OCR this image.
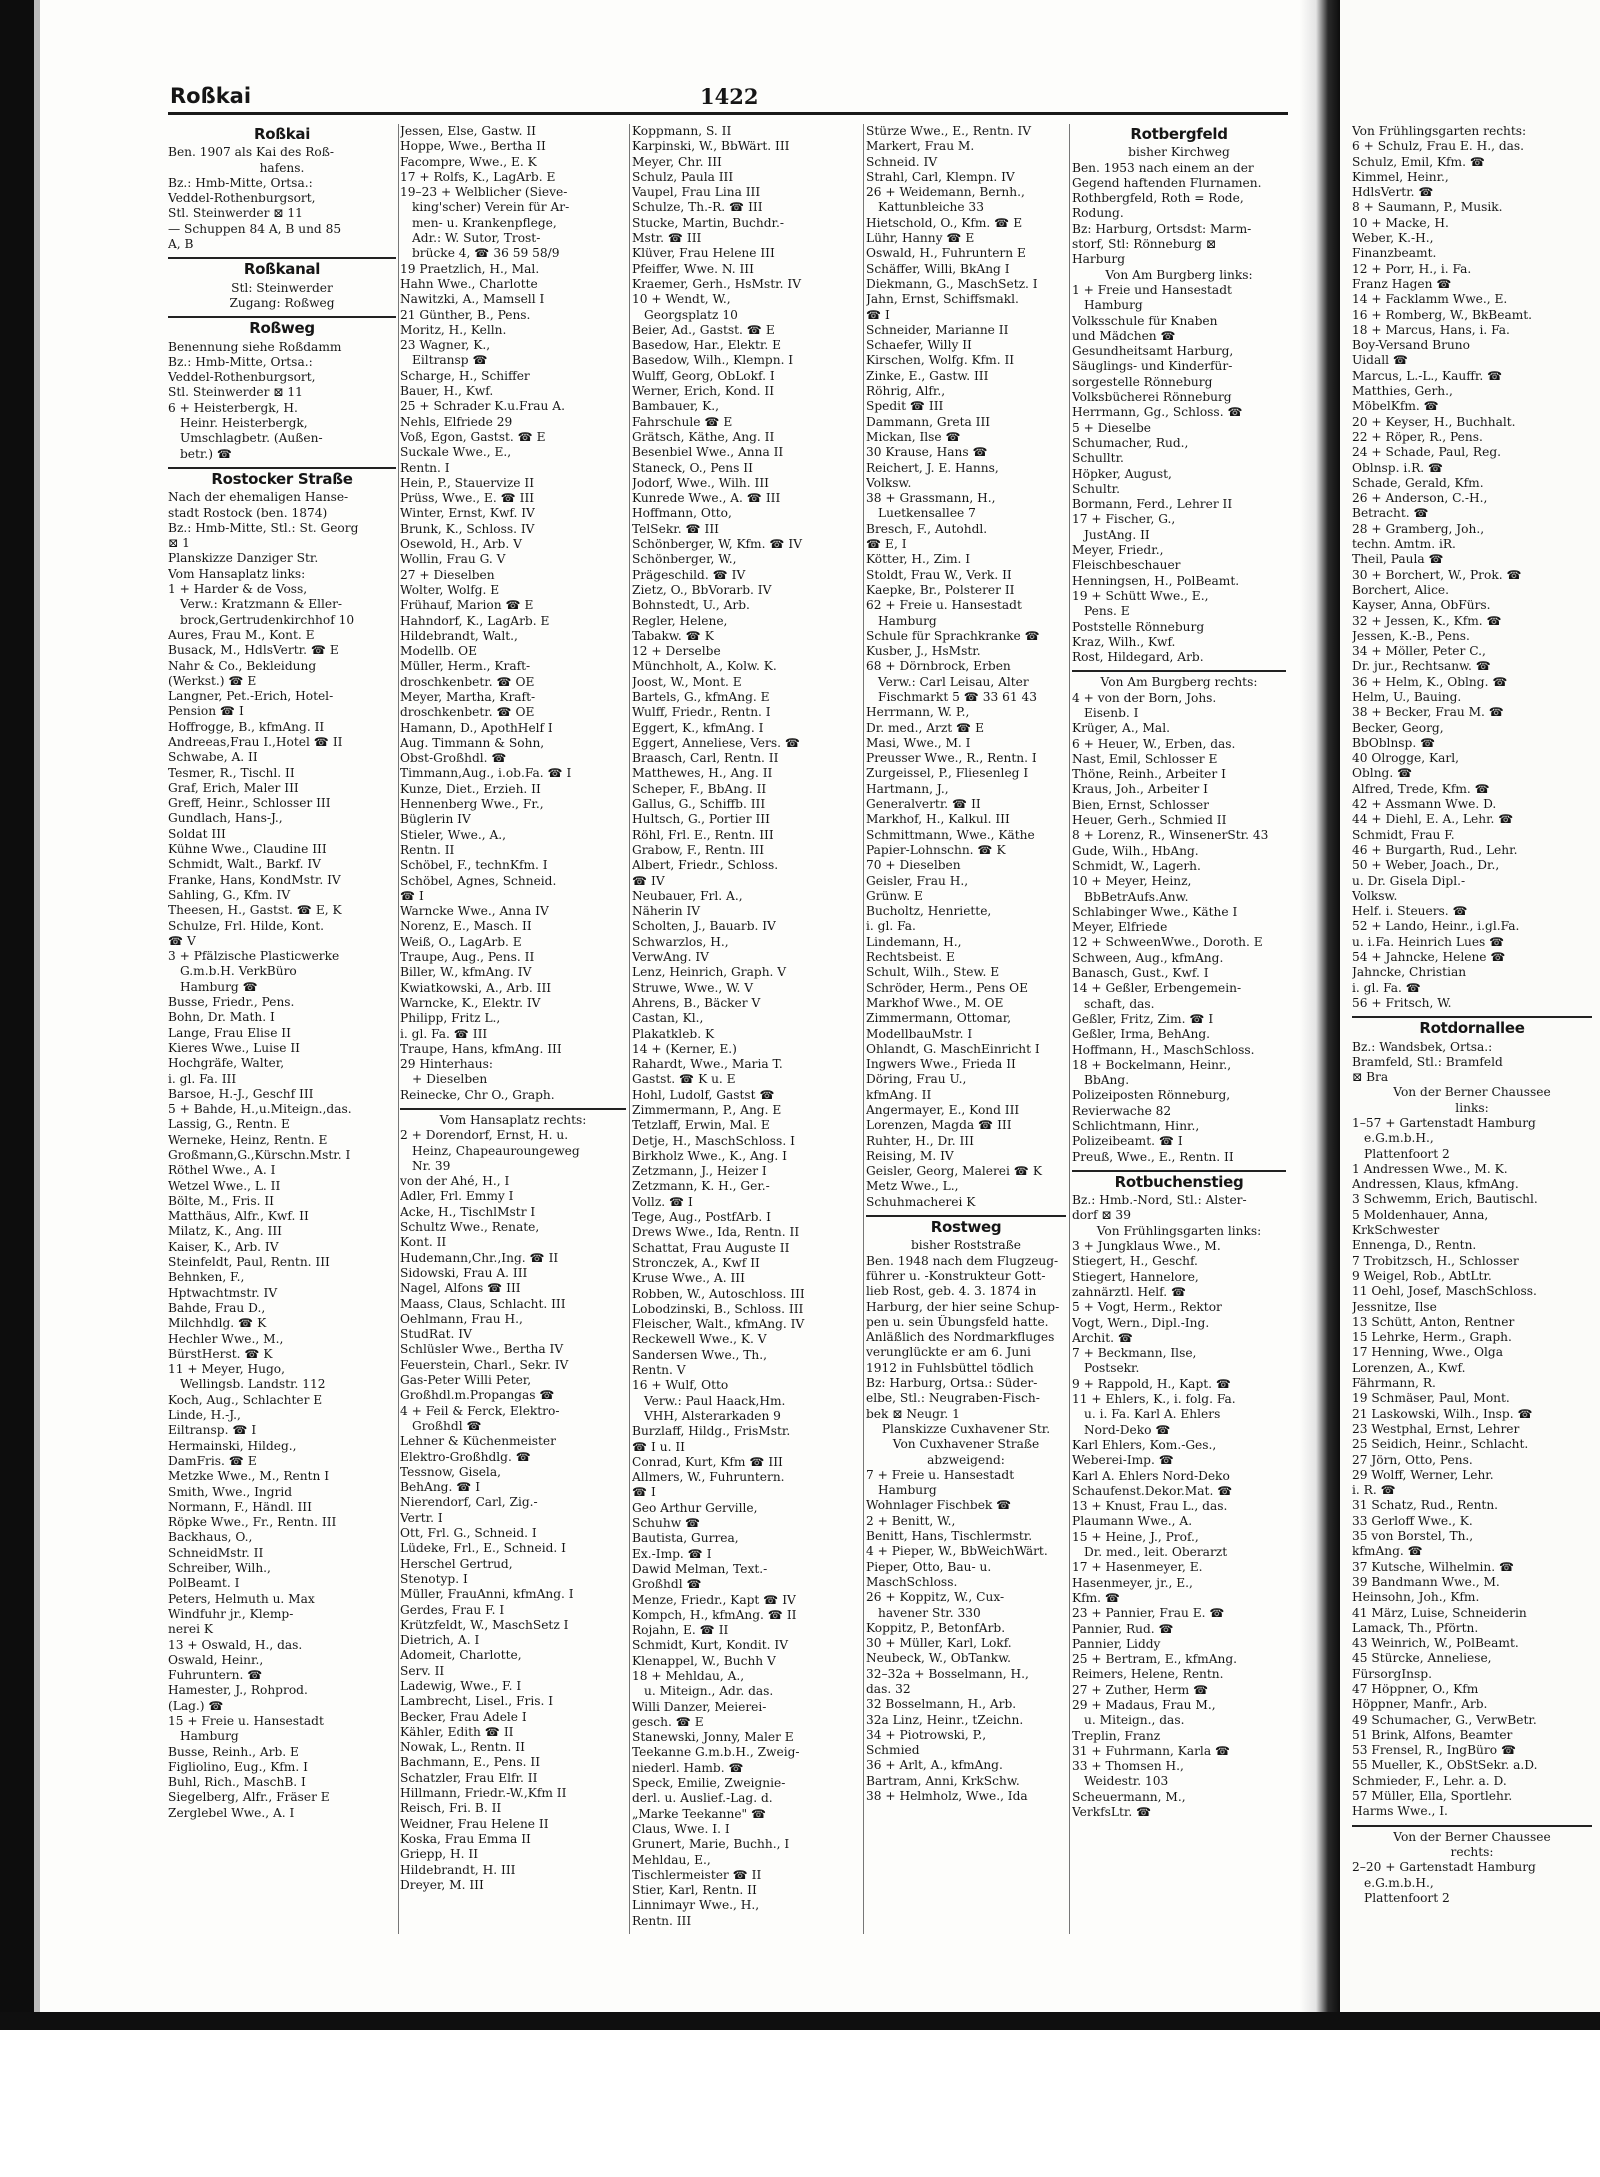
Roßkai	1422
Roßkai
Ben. 1907 als Kai des Roß-
hafens.
Bz.: Hmb-Mitte, Ortsa.:
Veddel-Rothenburgsort,
Stl. Steinwerder ⊠ 11
— Schuppen 84 A, B und 85
A, B
Roßkanal
Stl: Steinwerder
Zugang: Roßweg
Roßweg
Benennung siehe Roßdamm
Bz.: Hmb-Mitte, Ortsa.:
Veddel-Rothenburgsort,
Stl. Steinwerder ⊠ 11
6 + Heisterbergk, H.
Heinr. Heisterbergk,
Umschlagbetr. (Außen-
betr.) ☎
Rostocker Straße
Nach der ehemaligen Hanse-
stadt Rostock (ben. 1874)
Bz.: Hmb-Mitte, Stl.: St. Georg
⊠ 1
Planskizze Danziger Str.
Vom Hansaplatz links:
1 + Harder & de Voss,
Verw.: Kratzmann & Eller-
brock,Gertrudenkirchhof 10
Aures, Frau M., Kont. E
Busack, M., HdlsVertr. ☎ E
Nahr & Co., Bekleidung
(Werkst.) ☎ E
Langner, Pet.-Erich, Hotel-
Pension ☎ I
Hoffrogge, B., kfmAng. II
Andreeas,Frau I.,Hotel ☎ II
Schwabe, A. II
Tesmer, R., Tischl. II
Graf, Erich, Maler III
Greff, Heinr., Schlosser III
Gundlach, Hans-J.,
Soldat III
Kühne Wwe., Claudine III
Schmidt, Walt., Barkf. IV
Franke, Hans, KondMstr. IV
Sahling, G., Kfm. IV
Theesen, H., Gastst. ☎ E, K
Schulze, Frl. Hilde, Kont.
☎ V
3 + Pfälzische Plasticwerke
G.m.b.H. VerkBüro
Hamburg ☎
Busse, Friedr., Pens.
Bohn, Dr. Math. I
Lange, Frau Elise II
Kieres Wwe., Luise II
Hochgräfe, Walter,
i. gl. Fa. III
Barsoe, H.-J., Geschf III
5 + Bahde, H.,u.Miteign.,das.
Lassig, G., Rentn. E
Werneke, Heinz, Rentn. E
Großmann,G.,Kürschn.Mstr. I
Röthel Wwe., A. I
Wetzel Wwe., L. II
Bölte, M., Fris. II
Matthäus, Alfr., Kwf. II
Milatz, K., Ang. III
Kaiser, K., Arb. IV
Steinfeldt, Paul, Rentn. III
Behnken, F.,
Hptwachtmstr. IV
Bahde, Frau D.,
Milchhdlg. ☎ K
Hechler Wwe., M.,
BürstHerst. ☎ K
11 + Meyer, Hugo,
Wellingsb. Landstr. 112
Koch, Aug., Schlachter E
Linde, H.-J.,
Eiltransp. ☎ I
Hermainski, Hildeg.,
DamFris. ☎ E
Metzke Wwe., M., Rentn I
Smith, Wwe., Ingrid
Normann, F., Händl. III
Röpke Wwe., Fr., Rentn. III
Backhaus, O.,
SchneidMstr. II
Schreiber, Wilh.,
PolBeamt. I
Peters, Helmuth u. Max
Windfuhr jr., Klemp-
nerei K
13 + Oswald, H., das.
Oswald, Heinr.,
Fuhruntern. ☎
Hamester, J., Rohprod.
(Lag.) ☎
15 + Freie u. Hansestadt
Hamburg
Busse, Reinh., Arb. E
Figliolino, Eug., Kfm. I
Buhl, Rich., MaschB. I
Siegelberg, Alfr., Fräser E
Zerglebel Wwe., A. I
Jessen, Else, Gastw. II
Hoppe, Wwe., Bertha II
Facompre, Wwe., E. K
17 + Rolfs, K., LagArb. E
19–23 + Welblicher (Sieve-
king'scher) Verein für Ar-
men- u. Krankenpflege,
Adr.: W. Sutor, Trost-
brücke 4, ☎ 36 59 58/9
19 Praetzlich, H., Mal.
Hahn Wwe., Charlotte
Nawitzki, A., Mamsell I
21 Günther, B., Pens.
Moritz, H., Kelln.
23 Wagner, K.,
Eiltransp ☎
Scharge, H., Schiffer
Bauer, H., Kwf.
25 + Schrader K.u.Frau A.
Nehls, Elfriede 29
Voß, Egon, Gastst. ☎ E
Suckale Wwe., E.,
Rentn. I
Hein, P., Stauervize II
Prüss, Wwe., E. ☎ III
Winter, Ernst, Kwf. IV
Brunk, K., Schloss. IV
Osewold, H., Arb. V
Wollin, Frau G. V
27 + Dieselben
Wolter, Wolfg. E
Frühauf, Marion ☎ E
Hahndorf, K., LagArb. E
Hildebrandt, Walt.,
Modellb. OE
Müller, Herm., Kraft-
droschkenbetr. ☎ OE
Meyer, Martha, Kraft-
droschkenbetr. ☎ OE
Hamann, D., ApothHelf I
Aug. Timmann & Sohn,
Obst-Großhdl. ☎
Timmann,Aug., i.ob.Fa. ☎ I
Kunze, Diet., Erzieh. II
Hennenberg Wwe., Fr.,
Büglerin IV
Stieler, Wwe., A.,
Rentn. II
Schöbel, F., technKfm. I
Schöbel, Agnes, Schneid.
☎ I
Warncke Wwe., Anna IV
Norenz, E., Masch. II
Weiß, O., LagArb. E
Traupe, Aug., Pens. II
Biller, W., kfmAng. IV
Kwiatkowski, A., Arb. III
Warncke, K., Elektr. IV
Philipp, Fritz L.,
i. gl. Fa. ☎ III
Traupe, Hans, kfmAng. III
29 Hinterhaus:
+ Dieselben
Reinecke, Chr O., Graph.
Vom Hansaplatz rechts:
2 + Dorendorf, Ernst, H. u.
Heinz, Chapeauroungeweg
Nr. 39
von der Ahé, H., I
Adler, Frl. Emmy I
Acke, H., TischlMstr I
Schultz Wwe., Renate,
Kont. II
Hudemann,Chr.,Ing. ☎ II
Sidowski, Frau A. III
Nagel, Alfons ☎ III
Maass, Claus, Schlacht. III
Oehlmann, Frau H.,
StudRat. IV
Schlüsler Wwe., Bertha IV
Feuerstein, Charl., Sekr. IV
Gas-Peter Willi Peter,
Großhdl.m.Propangas ☎
4 + Feil & Ferck, Elektro-
Großhdl ☎
Lehner & Küchenmeister
Elektro-Großhdlg. ☎
Tessnow, Gisela,
BehAng. ☎ I
Nierendorf, Carl, Zig.-
Vertr. I
Ott, Frl. G., Schneid. I
Lüdeke, Frl., E., Schneid. I
Herschel Gertrud,
Stenotyp. I
Müller, FrauAnni, kfmAng. I
Gerdes, Frau F. I
Krützfeldt, W., MaschSetz I
Dietrich, A. I
Adomeit, Charlotte,
Serv. II
Ladewig, Wwe., F. I
Lambrecht, Lisel., Fris. I
Becker, Frau Adele I
Kähler, Edith ☎ II
Nowak, L., Rentn. II
Bachmann, E., Pens. II
Schatzler, Frau Elfr. II
Hillmann, Friedr.-W.,Kfm II
Reisch, Fri. B. II
Weidner, Frau Helene II
Koska, Frau Emma II
Griepp, H. II
Hildebrandt, H. III
Dreyer, M. III
Koppmann, S. II
Karpinski, W., BbWärt. III
Meyer, Chr. III
Schulz, Paula III
Vaupel, Frau Lina III
Schulze, Th.-R. ☎ III
Stucke, Martin, Buchdr.-
Mstr. ☎ III
Klüver, Frau Helene III
Pfeiffer, Wwe. N. III
Kraemer, Gerh., HsMstr. IV
10 + Wendt, W.,
Georgsplatz 10
Beier, Ad., Gastst. ☎ E
Basedow, Har., Elektr. E
Basedow, Wilh., Klempn. I
Wulff, Georg, ObLokf. I
Werner, Erich, Kond. II
Bambauer, K.,
Fahrschule ☎ E
Grätsch, Käthe, Ang. II
Besenbiel Wwe., Anna II
Staneck, O., Pens II
Jodorf, Wwe., Wilh. III
Kunrede Wwe., A. ☎ III
Hoffmann, Otto,
TelSekr. ☎ III
Schönberger, W, Kfm. ☎ IV
Schönberger, W.,
Prägeschild. ☎ IV
Zietz, O., BbVorarb. IV
Bohnstedt, U., Arb.
Regler, Helene,
Tabakw. ☎ K
12 + Derselbe
Münchholt, A., Kolw. K.
Joost, W., Mont. E
Bartels, G., kfmAng. E
Wulff, Friedr., Rentn. I
Eggert, K., kfmAng. I
Eggert, Anneliese, Vers. ☎
Braasch, Carl, Rentn. II
Matthewes, H., Ang. II
Scheper, F., BbAng. II
Gallus, G., Schiffb. III
Hultsch, G., Portier III
Röhl, Frl. E., Rentn. III
Grabow, F., Rentn. III
Albert, Friedr., Schloss.
☎ IV
Neubauer, Frl. A.,
Näherin IV
Scholten, J., Bauarb. IV
Schwarzlos, H.,
VerwAng. IV
Lenz, Heinrich, Graph. V
Struwe, Wwe., W. V
Ahrens, B., Bäcker V
Castan, Kl.,
Plakatkleb. K
14 + (Kerner, E.)
Rahardt, Wwe., Maria T.
Gastst. ☎ K u. E
Hohl, Ludolf, Gastst ☎
Zimmermann, P., Ang. E
Tetzlaff, Erwin, Mal. E
Detje, H., MaschSchloss. I
Birkholz Wwe., K., Ang. I
Zetzmann, J., Heizer I
Zetzmann, K. H., Ger.-
Vollz. ☎ I
Tege, Aug., PostfArb. I
Drews Wwe., Ida, Rentn. II
Schattat, Frau Auguste II
Stronczek, A., Kwf II
Kruse Wwe., A. III
Robben, W., Autoschloss. III
Lobodzinski, B., Schloss. III
Fleischer, Walt., kfmAng. IV
Reckewell Wwe., K. V
Sandersen Wwe., Th.,
Rentn. V
16 + Wulf, Otto
Verw.: Paul Haack,Hm.
VHH, Alsterarkaden 9
Burzlaff, Hildg., FrisMstr.
☎ I u. II
Conrad, Kurt, Kfm ☎ III
Allmers, W., Fuhruntern.
☎ I
Geo Arthur Gerville,
Schuhw ☎
Bautista, Gurrea,
Ex.-Imp. ☎ I
Dawid Melman, Text.-
Großhdl ☎
Menze, Friedr., Kapt ☎ IV
Kompch, H., kfmAng. ☎ II
Rojahn, E. ☎ II
Schmidt, Kurt, Kondit. IV
Klenappel, W., Buchh V
18 + Mehldau, A.,
u. Miteign., Adr. das.
Willi Danzer, Meierei-
gesch. ☎ E
Stanewski, Jonny, Maler E
Teekanne G.m.b.H., Zweig-
niederl. Hamb. ☎
Speck, Emilie, Zweignie-
derl. u. Auslief.-Lag. d.
„Marke Teekanne" ☎
Claus, Wwe. I. I
Grunert, Marie, Buchh., I
Mehldau, E.,
Tischlermeister ☎ II
Stier, Karl, Rentn. II
Linnimayr Wwe., H.,
Rentn. III
Stürze Wwe., E., Rentn. IV
Markert, Frau M.
Schneid. IV
Strahl, Carl, Klempn. IV
26 + Weidemann, Bernh.,
Kattunbleiche 33
Hietschold, O., Kfm. ☎ E
Lühr, Hanny ☎ E
Oswald, H., Fuhruntern E
Schäffer, Willi, BkAng I
Diekmann, G., MaschSetz. I
Jahn, Ernst, Schiffsmakl.
☎ I
Schneider, Marianne II
Schaefer, Willy II
Kirschen, Wolfg. Kfm. II
Zinke, E., Gastw. III
Röhrig, Alfr.,
Spedit ☎ III
Dammann, Greta III
Mickan, Ilse ☎
30 Krause, Hans ☎
Reichert, J. E. Hanns,
Volksw.
38 + Grassmann, H.,
Luetkensallee 7
Bresch, F., Autohdl.
☎ E, I
Kötter, H., Zim. I
Stoldt, Frau W., Verk. II
Kaepke, Br., Polsterer II
62 + Freie u. Hansestadt
Hamburg
Schule für Sprachkranke ☎
Kusber, J., HsMstr.
68 + Dörnbrock, Erben
Verw.: Carl Leisau, Alter
Fischmarkt 5 ☎ 33 61 43
Herrmann, W. P.,
Dr. med., Arzt ☎ E
Masi, Wwe., M. I
Preusser Wwe., R., Rentn. I
Zurgeissel, P., Fliesenleg I
Hartmann, J.,
Generalvertr. ☎ II
Markhof, H., Kalkul. III
Schmittmann, Wwe., Käthe
Papier-Lohnschn. ☎ K
70 + Dieselben
Geisler, Frau H.,
Grünw. E
Bucholtz, Henriette,
i. gl. Fa.
Lindemann, H.,
Rechtsbeist. E
Schult, Wilh., Stew. E
Schröder, Herm., Pens OE
Markhof Wwe., M. OE
Zimmermann, Ottomar,
ModellbauMstr. I
Ohlandt, G. MaschEinricht I
Ingwers Wwe., Frieda II
Döring, Frau U.,
kfmAng. II
Angermayer, E., Kond III
Lorenzen, Magda ☎ III
Ruhter, H., Dr. III
Reising, M. IV
Geisler, Georg, Malerei ☎ K
Metz Wwe., L.,
Schuhmacherei K
Rostweg
bisher Roststraße
Ben. 1948 nach dem Flugzeug-
führer u. -Konstrukteur Gott-
lieb Rost, geb. 4. 3. 1874 in
Harburg, der hier seine Schup-
pen u. sein Übungsfeld hatte.
Anläßlich des Nordmarkfluges
verunglückte er am 6. Juni
1912 in Fuhlsbüttel tödlich
Bz: Harburg, Ortsa.: Süder-
elbe, Stl.: Neugraben-Fisch-
bek ⊠ Neugr. 1
Planskizze Cuxhavener Str.
Von Cuxhavener Straße
abzweigend:
7 + Freie u. Hansestadt
Hamburg
Wohnlager Fischbek ☎
2 + Benitt, W.,
Benitt, Hans, Tischlermstr.
4 + Pieper, W., BbWeichWärt.
Pieper, Otto, Bau- u.
MaschSchloss.
26 + Koppitz, W., Cux-
havener Str. 330
Koppitz, P., BetonfArb.
30 + Müller, Karl, Lokf.
Neubeck, W., ObTankw.
32–32a + Bosselmann, H.,
das. 32
32 Bosselmann, H., Arb.
32a Linz, Heinr., tZeichn.
34 + Piotrowski, P.,
Schmied
36 + Arlt, A., kfmAng.
Bartram, Anni, KrkSchw.
38 + Helmholz, Wwe., Ida
Rotbergfeld
bisher Kirchweg
Ben. 1953 nach einem an der
Gegend haftenden Flurnamen.
Rothbergfeld, Roth = Rode,
Rodung.
Bz: Harburg, Ortsdst: Marm-
storf, Stl: Rönneburg ⊠
Harburg
Von Am Burgberg links:
1 + Freie und Hansestadt
Hamburg
Volksschule für Knaben
und Mädchen ☎
Gesundheitsamt Harburg,
Säuglings- und Kinderfür-
sorgestelle Rönneburg
Volksbücherei Rönneburg
Herrmann, Gg., Schloss. ☎
5 + Dieselbe
Schumacher, Rud.,
Schulltr.
Höpker, August,
Schultr.
Bormann, Ferd., Lehrer II
17 + Fischer, G.,
JustAng. II
Meyer, Friedr.,
Fleischbeschauer
Henningsen, H., PolBeamt.
19 + Schütt Wwe., E.,
Pens. E
Poststelle Rönneburg
Kraz, Wilh., Kwf.
Rost, Hildegard, Arb.
Von Am Burgberg rechts:
4 + von der Born, Johs.
Eisenb. I
Krüger, A., Mal.
6 + Heuer, W., Erben, das.
Nast, Emil, Schlosser E
Thöne, Reinh., Arbeiter I
Kraus, Joh., Arbeiter I
Bien, Ernst, Schlosser
Heuer, Gerh., Schmied II
8 + Lorenz, R., WinsenerStr. 43
Gude, Wilh., HbAng.
Schmidt, W., Lagerh.
10 + Meyer, Heinz,
BbBetrAufs.Anw.
Schlabinger Wwe., Käthe I
Meyer, Elfriede
12 + SchweenWwe., Doroth. E
Schween, Aug., kfmAng.
Banasch, Gust., Kwf. I
14 + Geßler, Erbengemein-
schaft, das.
Geßler, Fritz, Zim. ☎ I
Geßler, Irma, BehAng.
Hoffmann, H., MaschSchloss.
18 + Bockelmann, Heinr.,
BbAng.
Polizeiposten Rönneburg,
Revierwache 82
Schlichtmann, Hinr.,
Polizeibeamt. ☎ I
Preuß, Wwe., E., Rentn. II
Rotbuchenstieg
Bz.: Hmb.-Nord, Stl.: Alster-
dorf ⊠ 39
Von Frühlingsgarten links:
3 + Jungklaus Wwe., M.
Stiegert, H., Geschf.
Stiegert, Hannelore,
zahnärztl. Helf. ☎
5 + Vogt, Herm., Rektor
Vogt, Wern., Dipl.-Ing.
Archit. ☎
7 + Beckmann, Ilse,
Postsekr.
9 + Rappold, H., Kapt. ☎
11 + Ehlers, K., i. folg. Fa.
u. i. Fa. Karl A. Ehlers
Nord-Deko ☎
Karl Ehlers, Kom.-Ges.,
Weberei-Imp. ☎
Karl A. Ehlers Nord-Deko
Schaufenst.Dekor.Mat. ☎
13 + Knust, Frau L., das.
Plaumann Wwe., A.
15 + Heine, J., Prof.,
Dr. med., leit. Oberarzt
17 + Hasenmeyer, E.
Hasenmeyer, jr., E.,
Kfm. ☎
23 + Pannier, Frau E. ☎
Pannier, Rud. ☎
Pannier, Liddy
25 + Bertram, E., kfmAng.
Reimers, Helene, Rentn.
27 + Zuther, Herm ☎
29 + Madaus, Frau M.,
u. Miteign., das.
Treplin, Franz
31 + Fuhrmann, Karla ☎
33 + Thomsen H.,
Weidestr. 103
Scheuermann, M.,
VerkfsLtr. ☎
Von Frühlingsgarten rechts:
6 + Schulz, Frau E. H., das.
Schulz, Emil, Kfm. ☎
Kimmel, Heinr.,
HdlsVertr. ☎
8 + Saumann, P., Musik.
10 + Macke, H.
Weber, K.-H.,
Finanzbeamt.
12 + Porr, H., i. Fa.
Franz Hagen ☎
14 + Facklamm Wwe., E.
16 + Romberg, W., BkBeamt.
18 + Marcus, Hans, i. Fa.
Boy-Versand Bruno
Uidall ☎
Marcus, L.-L., Kauffr. ☎
Matthies, Gerh.,
MöbelKfm. ☎
20 + Keyser, H., Buchhalt.
22 + Röper, R., Pens.
24 + Schade, Paul, Reg.
Oblnsp. i.R. ☎
Schade, Gerald, Kfm.
26 + Anderson, C.-H.,
Betracht. ☎
28 + Gramberg, Joh.,
techn. Amtm. iR.
Theil, Paula ☎
30 + Borchert, W., Prok. ☎
Borchert, Alice.
Kayser, Anna, ObFürs.
32 + Jessen, K., Kfm. ☎
Jessen, K.-B., Pens.
34 + Möller, Peter C.,
Dr. jur., Rechtsanw. ☎
36 + Helm, K., Oblng. ☎
Helm, U., Bauing.
38 + Becker, Frau M. ☎
Becker, Georg,
BbOblnsp. ☎
40 Olrogge, Karl,
Oblng. ☎
Alfred, Trede, Kfm. ☎
42 + Assmann Wwe. D.
44 + Diehl, E. A., Lehr. ☎
Schmidt, Frau F.
46 + Burgarth, Rud., Lehr.
50 + Weber, Joach., Dr.,
u. Dr. Gisela Dipl.-
Volksw.
Helf. i. Steuers. ☎
52 + Lando, Heinr., i.gl.Fa.
u. i.Fa. Heinrich Lues ☎
54 + Jahncke, Helene ☎
Jahncke, Christian
i. gl. Fa. ☎
56 + Fritsch, W.
Rotdornallee
Bz.: Wandsbek, Ortsa.:
Bramfeld, Stl.: Bramfeld
⊠ Bra
Von der Berner Chaussee
links:
1–57 + Gartenstadt Hamburg
e.G.m.b.H.,
Plattenfoort 2
1 Andressen Wwe., M. K.
Andressen, Klaus, kfmAng.
3 Schwemm, Erich, Bautischl.
5 Moldenhauer, Anna,
KrkSchwester
Ennenga, D., Rentn.
7 Trobitzsch, H., Schlosser
9 Weigel, Rob., AbtLtr.
11 Oehl, Josef, MaschSchloss.
Jessnitze, Ilse
13 Schütt, Anton, Rentner
15 Lehrke, Herm., Graph.
17 Henning, Wwe., Olga
Lorenzen, A., Kwf.
Fährmann, R.
19 Schmäser, Paul, Mont.
21 Laskowski, Wilh., Insp. ☎
23 Westphal, Ernst, Lehrer
25 Seidich, Heinr., Schlacht.
27 Jörn, Otto, Pens.
29 Wolff, Werner, Lehr.
i. R. ☎
31 Schatz, Rud., Rentn.
33 Gerloff Wwe., K.
35 von Borstel, Th.,
kfmAng. ☎
37 Kutsche, Wilhelmin. ☎
39 Bandmann Wwe., M.
Heinsohn, Joh., Kfm.
41 März, Luise, Schneiderin
Lamack, Th., Pförtn.
43 Weinrich, W., PolBeamt.
45 Stürcke, Anneliese,
FürsorgInsp.
47 Höppner, O., Kfm
Höppner, Manfr., Arb.
49 Schumacher, G., VerwBetr.
51 Brink, Alfons, Beamter
53 Frensel, R., IngBüro ☎
55 Mueller, K., ObStSekr. a.D.
Schmieder, F., Lehr. a. D.
57 Müller, Ella, Sportlehr.
Harms Wwe., I.
Von der Berner Chaussee
rechts:
2–20 + Gartenstadt Hamburg
e.G.m.b.H.,
Plattenfoort 2
